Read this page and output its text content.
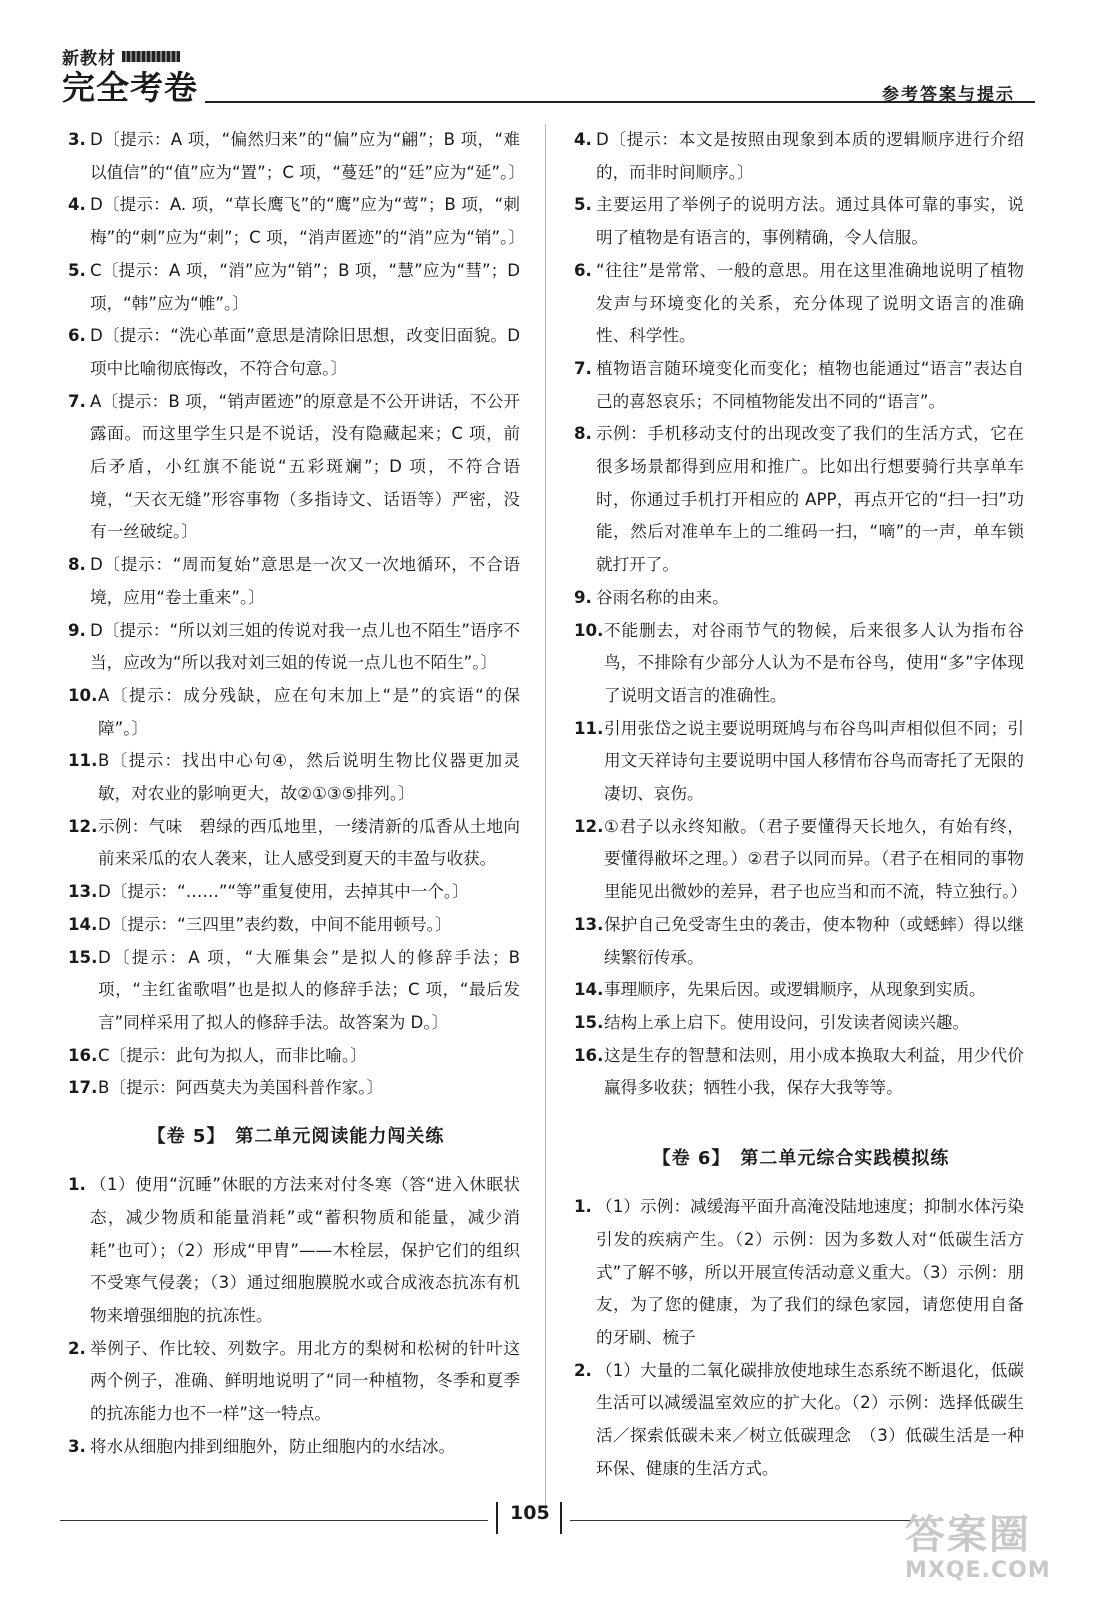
新教材
完全考卷	参考答案与提示
3. D〔提示：A 项，“偏然归来”的“偏”应为“翩”；B 项，“难以值信”的“值”应为“置”；C 项，“蔓廷”的“廷”应为“延”。〕
4. D〔提示：A. 项，“草长鹰飞”的“鹰”应为“莺”；B 项，“刺梅”的“刺”应为“刺”；C 项，“消声匿迹”的“消”应为“销”。〕
5. C〔提示：A 项，“消”应为“销”；B 项，“慧”应为“彗”；D 项，“韩”应为“帷”。〕
6. D〔提示：“洗心革面”意思是清除旧思想，改变旧面貌。D 项中比喻彻底悔改，不符合句意。〕
7. A〔提示：B 项，“销声匿迹”的原意是不公开讲话，不公开露面。而这里学生只是不说话，没有隐藏起来；C 项，前后矛盾，小红旗不能说“五彩斑斓”；D 项，不符合语境，“天衣无缝”形容事物（多指诗文、话语等）严密，没有一丝破绽。〕
8. D〔提示：“周而复始”意思是一次又一次地循环，不合语境，应用“卷土重来”。〕
9. D〔提示：“所以刘三姐的传说对我一点儿也不陌生”语序不当，应改为“所以我对刘三姐的传说一点儿也不陌生”。〕
10. A〔提示：成分残缺，应在句末加上“是”的宾语“的保障”。〕
11. B〔提示：找出中心句④，然后说明生物比仪器更加灵敏，对农业的影响更大，故②①③⑤排列。〕
12. 示例：气味　碧绿的西瓜地里，一缕清新的瓜香从土地向前来采瓜的农人袭来，让人感受到夏天的丰盈与收获。
13. D〔提示：“……”“等”重复使用，去掉其中一个。〕
14. D〔提示：“三四里”表约数，中间不能用顿号。〕
15. D〔提示：A 项，“大雁集会”是拟人的修辞手法；B 项，“主红雀歌唱”也是拟人的修辞手法；C 项，“最后发言”同样采用了拟人的修辞手法。故答案为 D。〕
16. C〔提示：此句为拟人，而非比喻。〕
17. B〔提示：阿西莫夫为美国科普作家。〕
【卷 5】　第二单元阅读能力闯关练
1. （1）使用“沉睡”休眠的方法来对付冬寒（答“进入休眠状态，减少物质和能量消耗”或“蓄积物质和能量，减少消耗”也可）；（2）形成“甲胄”——木栓层，保护它们的组织不受寒气侵袭；（3）通过细胞膜脱水或合成液态抗冻有机物来增强细胞的抗冻性。
2. 举例子、作比较、列数字。用北方的梨树和松树的针叶这两个例子，准确、鲜明地说明了“同一种植物，冬季和夏季的抗冻能力也不一样”这一特点。
3. 将水从细胞内排到细胞外，防止细胞内的水结冰。
4. D〔提示：本文是按照由现象到本质的逻辑顺序进行介绍的，而非时间顺序。〕
5. 主要运用了举例子的说明方法。通过具体可靠的事实，说明了植物是有语言的，事例精确，令人信服。
6. “往往”是常常、一般的意思。用在这里准确地说明了植物发声与环境变化的关系，充分体现了说明文语言的准确性、科学性。
7. 植物语言随环境变化而变化；植物也能通过“语言”表达自己的喜怒哀乐；不同植物能发出不同的“语言”。
8. 示例：手机移动支付的出现改变了我们的生活方式，它在很多场景都得到应用和推广。比如出行想要骑行共享单车时，你通过手机打开相应的 APP，再点开它的“扫一扫”功能，然后对准单车上的二维码一扫，“嘀”的一声，单车锁就打开了。
9. 谷雨名称的由来。
10. 不能删去，对谷雨节气的物候，后来很多人认为指布谷鸟，不排除有少部分人认为不是布谷鸟，使用“多”字体现了说明文语言的准确性。
11. 引用张岱之说主要说明斑鸠与布谷鸟叫声相似但不同；引用文天祥诗句主要说明中国人移情布谷鸟而寄托了无限的凄切、哀伤。
12. ①君子以永终知敝。（君子要懂得天长地久，有始有终，要懂得敝坏之理。）②君子以同而异。（君子在相同的事物里能见出微妙的差异，君子也应当和而不流，特立独行。）
13. 保护自己免受寄生虫的袭击，使本物种（或蟋蟀）得以继续繁衍传承。
14. 事理顺序，先果后因。或逻辑顺序，从现象到实质。
15. 结构上承上启下。使用设问，引发读者阅读兴趣。
16. 这是生存的智慧和法则，用小成本换取大利益，用少代价赢得多收获；牺牲小我，保存大我等等。
【卷 6】　第二单元综合实践模拟练
1. （1）示例：减缓海平面升高淹没陆地速度；抑制水体污染引发的疾病产生。（2）示例：因为多数人对“低碳生活方式”了解不够，所以开展宣传活动意义重大。（3）示例：朋友，为了您的健康，为了我们的绿色家园，请您使用自备的牙刷、梳子
2. （1）大量的二氧化碳排放使地球生态系统不断退化，低碳生活可以减缓温室效应的扩大化。（2）示例：选择低碳生活／探索低碳未来／树立低碳理念　（3）低碳生活是一种环保、健康的生活方式。
105	答案圈
MXQE.COM
